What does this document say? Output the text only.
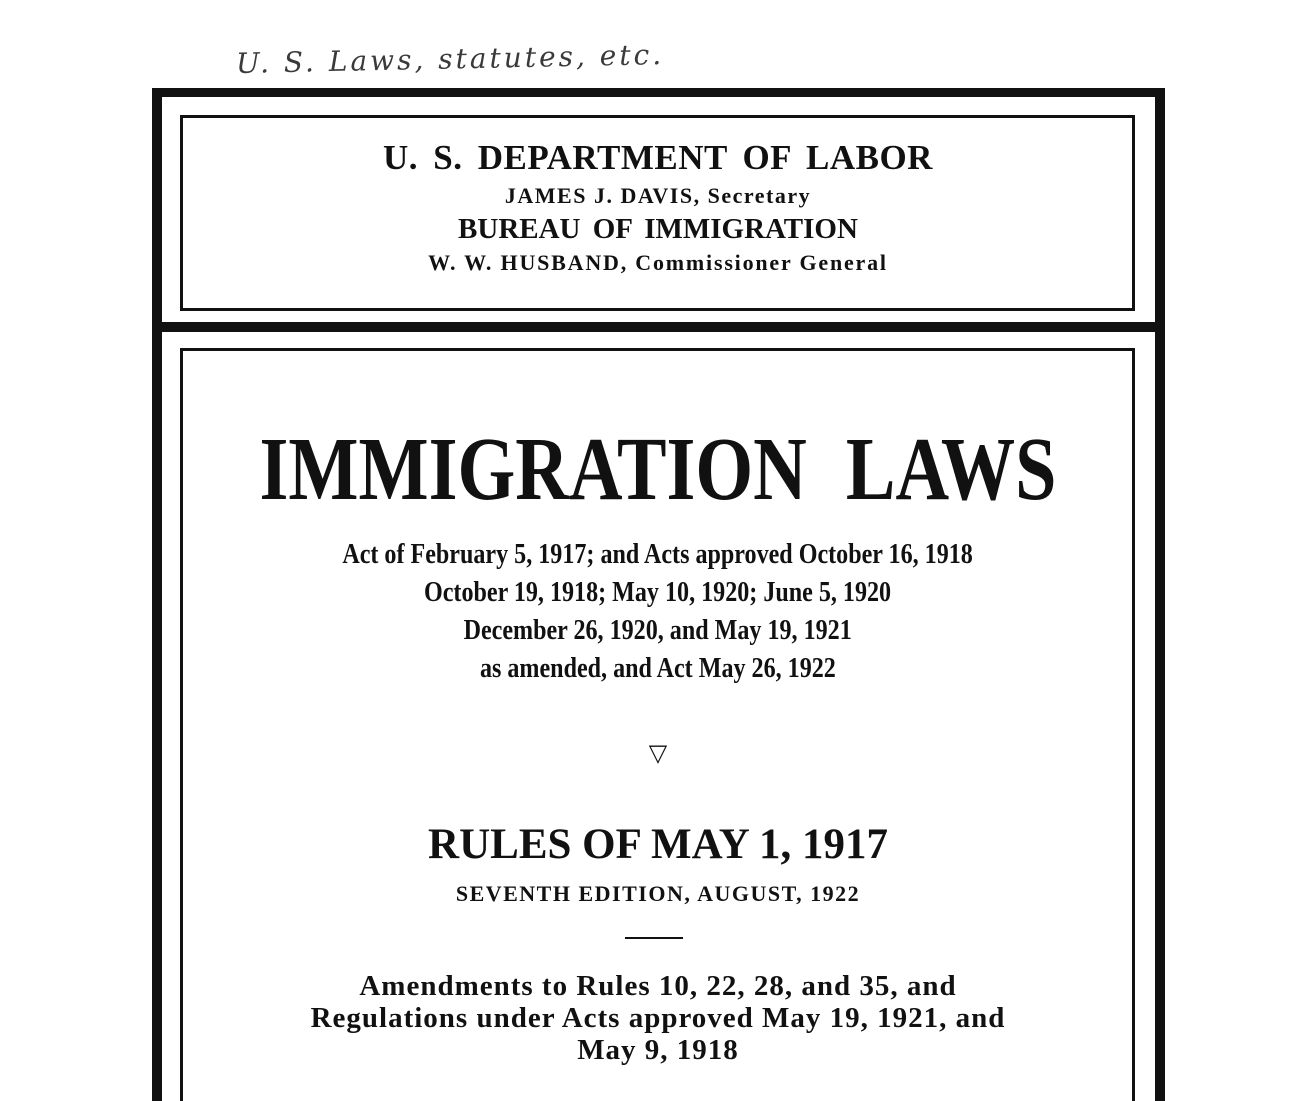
U. S. Laws, statutes, etc.
U. S. DEPARTMENT OF LABOR
JAMES J. DAVIS, Secretary
BUREAU OF IMMIGRATION
W. W. HUSBAND, Commissioner General
IMMIGRATION LAWS
Act of February 5, 1917; and Acts approved October 16, 1918
October 19, 1918; May 10, 1920; June 5, 1920
December 26, 1920, and May 19, 1921
as amended, and Act May 26, 1922
▽
RULES OF MAY 1, 1917
SEVENTH EDITION, AUGUST, 1922
Amendments to Rules 10, 22, 28, and 35, and
Regulations under Acts approved May 19, 1921, and
May 9, 1918
